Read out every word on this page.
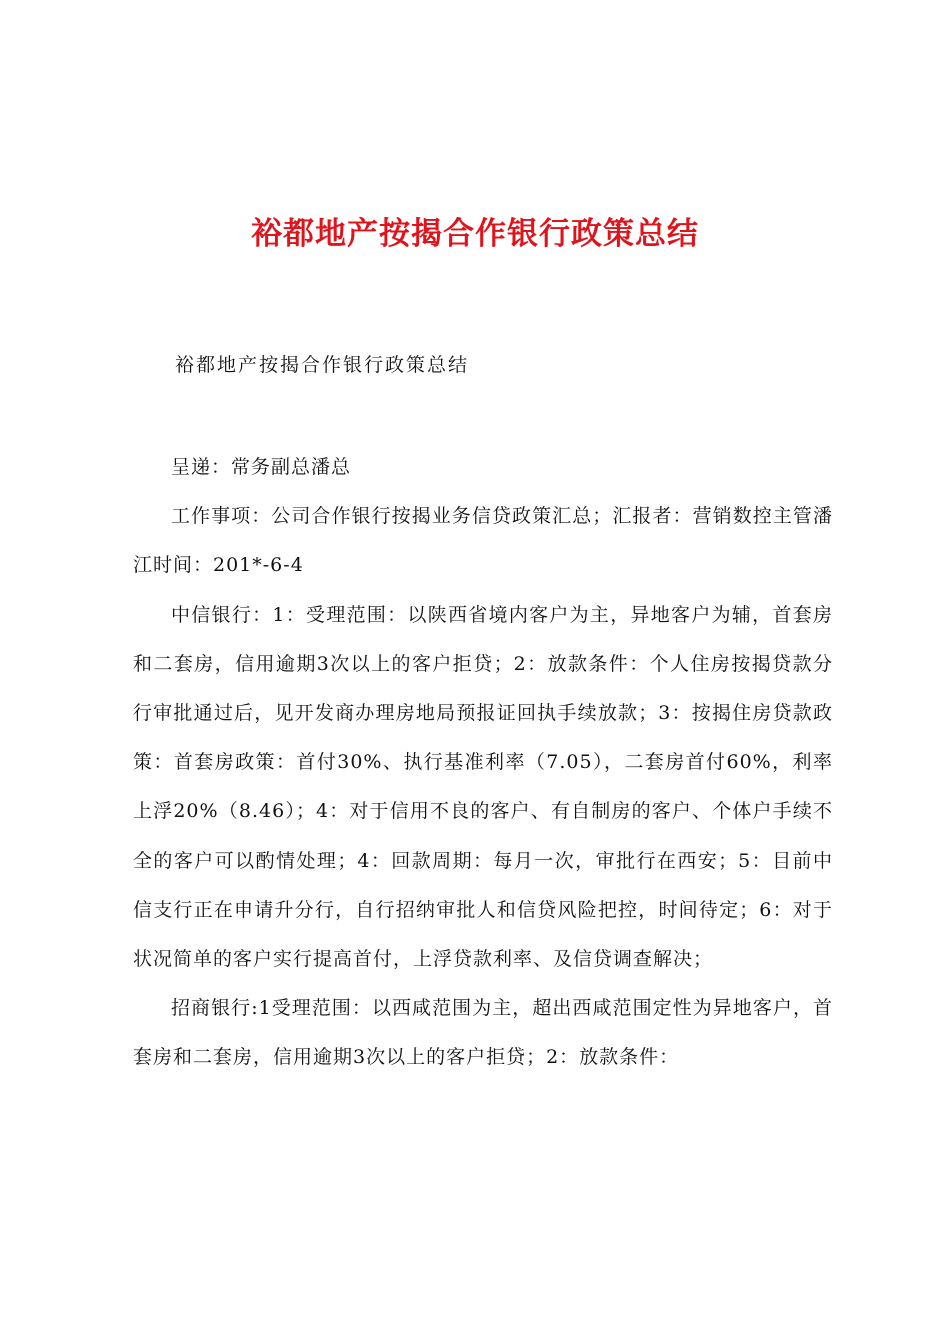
裕都地产按揭合作银行政策总结

裕都地产按揭合作银行政策总结

呈递：常务副总潘总

工作事项：公司合作银行按揭业务信贷政策汇总；汇报者：营销数控主管潘江时间：201*-6-4

中信银行：1：受理范围：以陕西省境内客户为主，异地客户为辅，首套房和二套房，信用逾期3次以上的客户拒贷；2：放款条件：个人住房按揭贷款分行审批通过后，见开发商办理房地局预报证回执手续放款；3：按揭住房贷款政策：首套房政策：首付30%、执行基准利率（7.05），二套房首付60%，利率上浮20%（8.46）；4：对于信用不良的客户、有自制房的客户、个体户手续不全的客户可以酌情处理；4：回款周期：每月一次，审批行在西安；5：目前中信支行正在申请升分行，自行招纳审批人和信贷风险把控，时间待定；6：对于状况简单的客户实行提高首付，上浮贷款利率、及信贷调查解决；

招商银行:1受理范围：以西咸范围为主，超出西咸范围定性为异地客户，首套房和二套房，信用逾期3次以上的客户拒贷；2：放款条件：
